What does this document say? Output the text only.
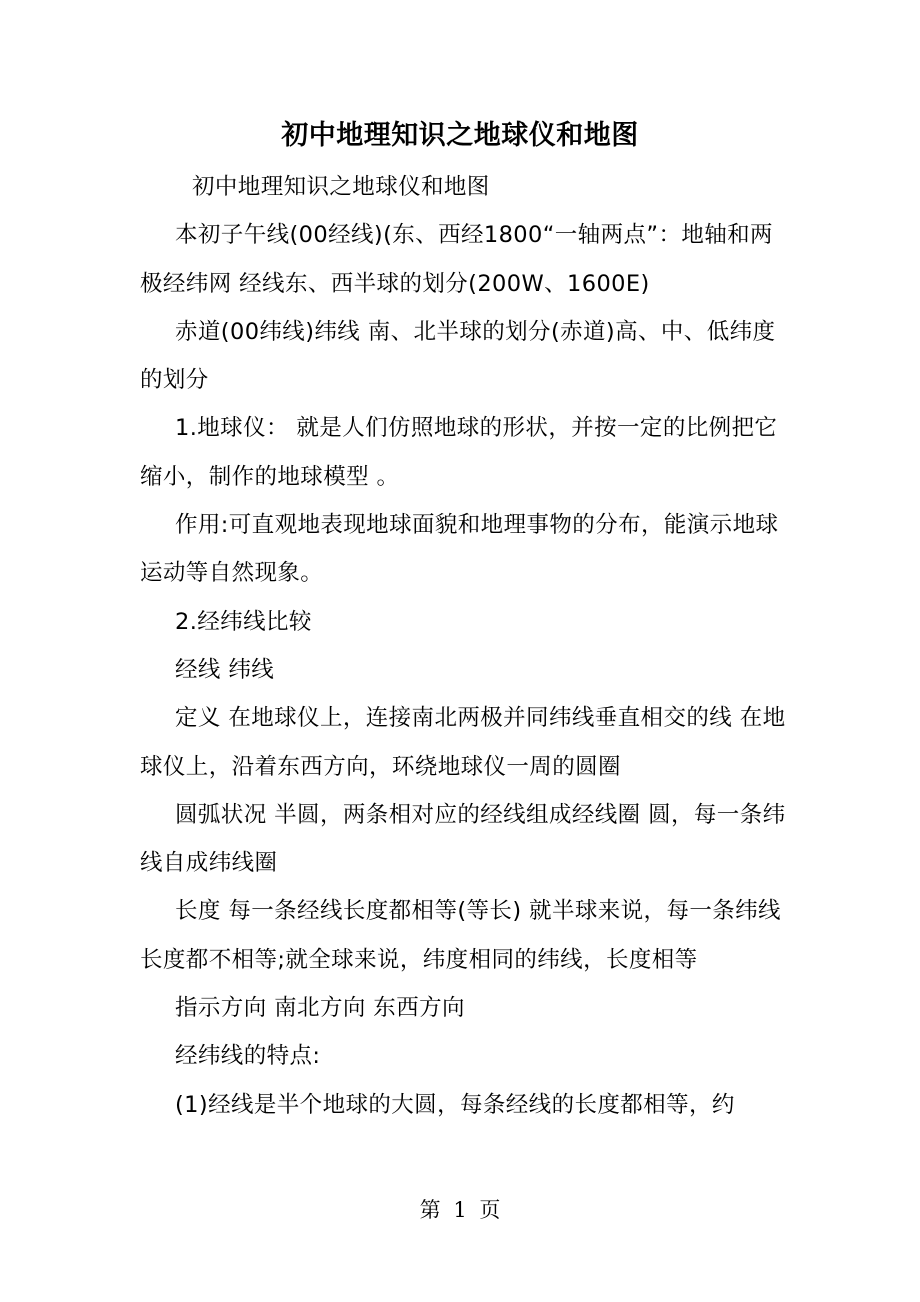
初中地理知识之地球仪和地图

初中地理知识之地球仪和地图

本初子午线(00经线)(东、西经1800“一轴两点”：地轴和两极经纬网 经线东、西半球的划分(200W、1600E)

赤道(00纬线)纬线 南、北半球的划分(赤道)高、中、低纬度的划分

1.地球仪： 就是人们仿照地球的形状，并按一定的比例把它缩小，制作的地球模型 。

作用:可直观地表现地球面貌和地理事物的分布，能演示地球运动等自然现象。

2.经纬线比较

经线 纬线

定义 在地球仪上，连接南北两极并同纬线垂直相交的线 在地球仪上，沿着东西方向，环绕地球仪一周的圆圈

圆弧状况 半圆，两条相对应的经线组成经线圈 圆，每一条纬线自成纬线圈

长度 每一条经线长度都相等(等长) 就半球来说，每一条纬线长度都不相等;就全球来说，纬度相同的纬线，长度相等

指示方向 南北方向 东西方向

经纬线的特点:

(1)经线是半个地球的大圆，每条经线的长度都相等，约

第 1 页
